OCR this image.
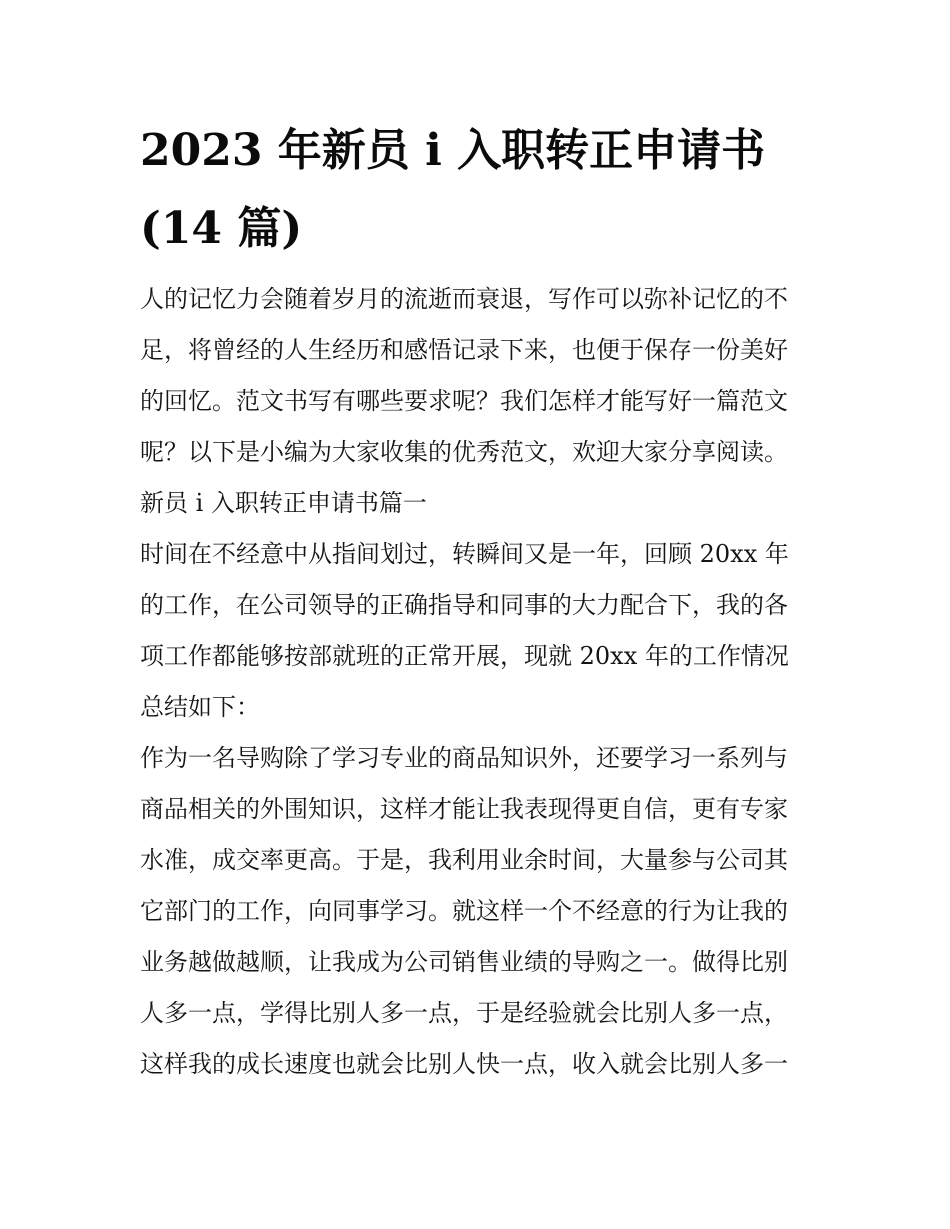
2023 年新员 i 入职转正申请书
(14 篇)
人的记忆力会随着岁月的流逝而衰退，写作可以弥补记忆的不
足，将曾经的人生经历和感悟记录下来，也便于保存一份美好
的回忆。范文书写有哪些要求呢？我们怎样才能写好一篇范文
呢？以下是小编为大家收集的优秀范文，欢迎大家分享阅读。
新员 i 入职转正申请书篇一
时间在不经意中从指间划过，转瞬间又是一年，回顾 20xx 年
的工作，在公司领导的正确指导和同事的大力配合下，我的各
项工作都能够按部就班的正常开展，现就 20xx 年的工作情况
总结如下：
作为一名导购除了学习专业的商品知识外，还要学习一系列与
商品相关的外围知识，这样才能让我表现得更自信，更有专家
水准，成交率更高。于是，我利用业余时间，大量参与公司其
它部门的工作，向同事学习。就这样一个不经意的行为让我的
业务越做越顺，让我成为公司销售业绩的导购之一。做得比别
人多一点，学得比别人多一点，于是经验就会比别人多一点，
这样我的成长速度也就会比别人快一点，收入就会比别人多一
